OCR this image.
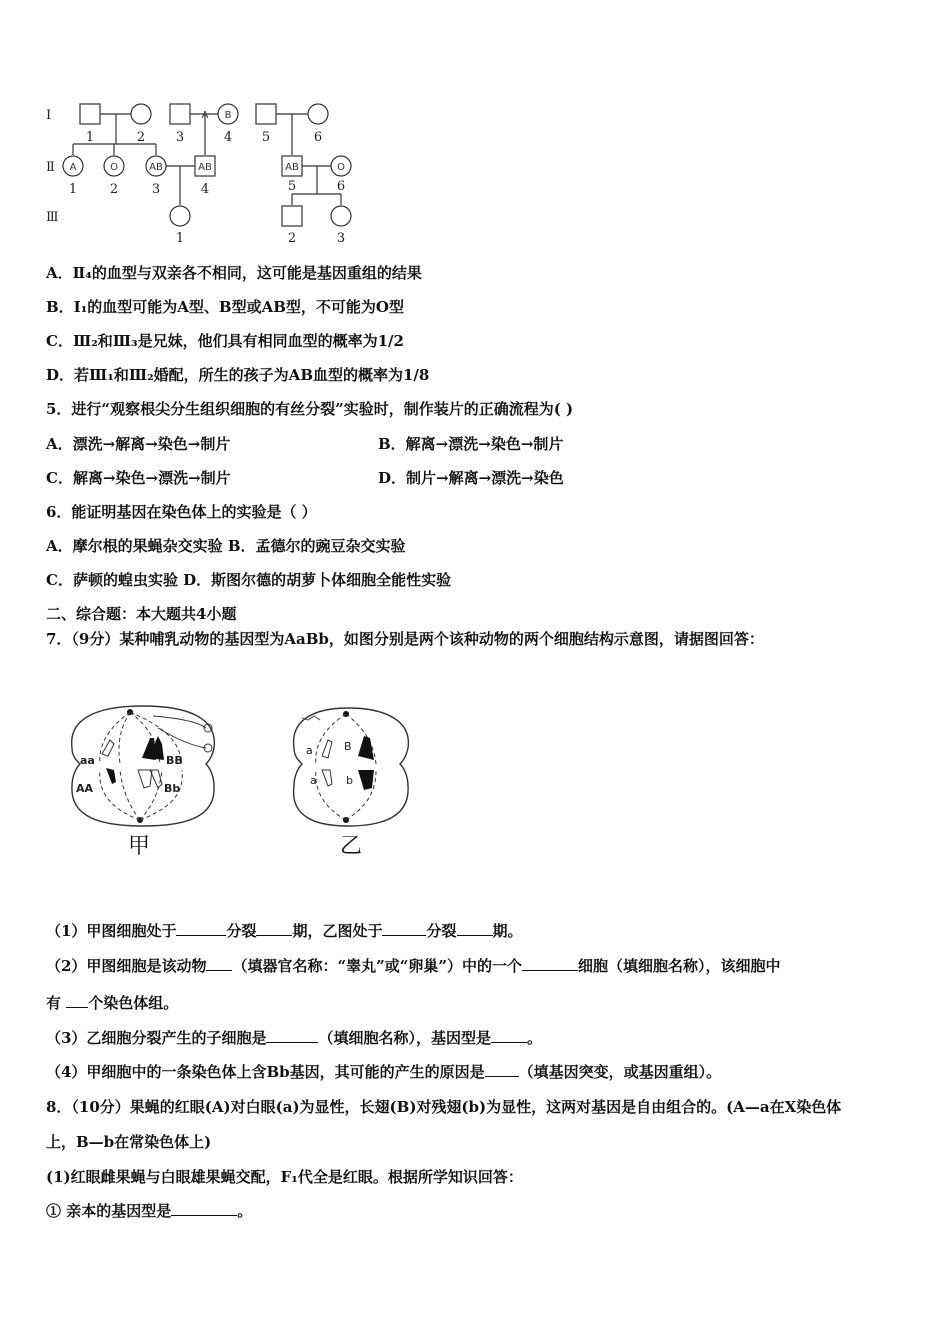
Ⅰ
Ⅱ
Ⅲ
A B
A	O	AB	AB	AB	O
1	2 3	4 5	6
1	2	3	4	5	6
1	2	3
A．Ⅱ₄的血型与双亲各不相同，这可能是基因重组的结果
B．I₁的血型可能为A型、B型或AB型，不可能为O型
C．Ⅲ₂和Ⅲ₃是兄妹，他们具有相同血型的概率为1/2
D．若Ⅲ₁和Ⅲ₂婚配，所生的孩子为AB血型的概率为1/8
5．进行“观察根尖分生组织细胞的有丝分裂”实验时，制作装片的正确流程为( )
A．漂洗→解离→染色→制片	B．解离→漂洗→染色→制片
C．解离→染色→漂洗→制片	D．制片→解离→漂洗→染色
6．能证明基因在染色体上的实验是（ ）
A．摩尔根的果蝇杂交实验 B．孟德尔的豌豆杂交实验
C．萨顿的蝗虫实验 D．斯图尔德的胡萝卜体细胞全能性实验
二、综合题：本大题共4小题
7．（9分）某种哺乳动物的基因型为AaBb，如图分别是两个该种动物的两个细胞结构示意图，请据图回答：
aa	BB
AA	Bb
甲
a	B
a	b
乙
（1）甲图细胞处于	分裂 期，乙图处于	分裂 期。
（2）甲图细胞是该动物 （填器官名称：“睾丸”或“卵巢”）中的一个	细胞（填细胞名称），该细胞中
有 个染色体组。
（3）乙细胞分裂产生的子细胞是	（填细胞名称），基因型是 。
（4）甲细胞中的一条染色体上含Bb基因，其可能的产生的原因是 （填基因突变，或基因重组）。
8．（10分）果蝇的红眼(A)对白眼(a)为显性，长翅(B)对残翅(b)为显性，这两对基因是自由组合的。(A—a在X染色体
上，B—b在常染色体上)
(1)红眼雌果蝇与白眼雄果蝇交配，F₁代全是红眼。根据所学知识回答：
① 亲本的基因型是	。
